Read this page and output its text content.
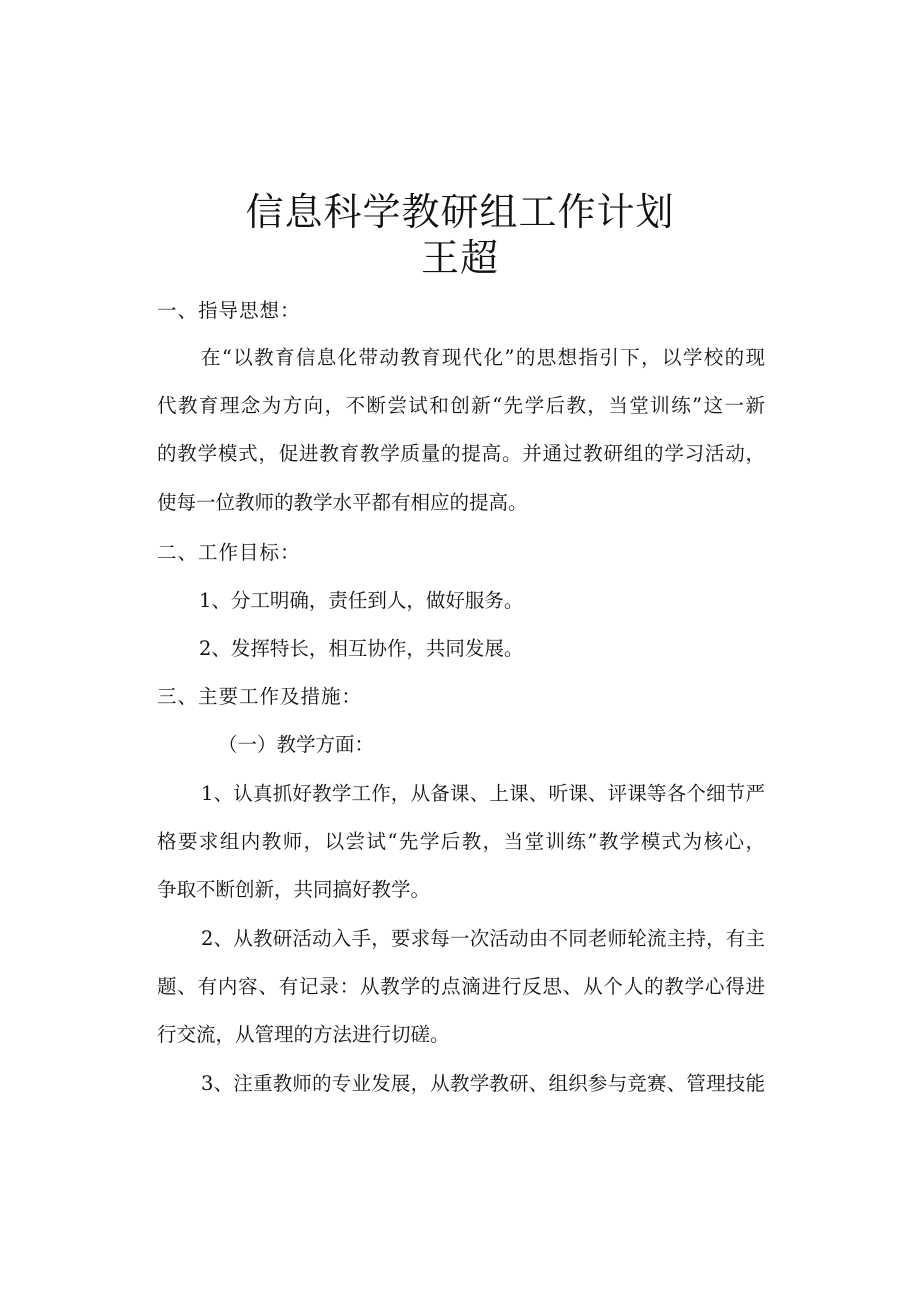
信息科学教研组工作计划
王超
一、指导思想：
在“以教育信息化带动教育现代化”的思想指引下，以学校的现
代教育理念为方向，不断尝试和创新“先学后教，当堂训练”这一新
的教学模式，促进教育教学质量的提高。并通过教研组的学习活动，
使每一位教师的教学水平都有相应的提高。
二、工作目标：
1、分工明确，责任到人，做好服务。
2、发挥特长，相互协作，共同发展。
三、主要工作及措施：
（一）教学方面：
1、认真抓好教学工作，从备课、上课、听课、评课等各个细节严
格要求组内教师，以尝试“先学后教，当堂训练”教学模式为核心，
争取不断创新，共同搞好教学。
2、从教研活动入手，要求每一次活动由不同老师轮流主持，有主
题、有内容、有记录：从教学的点滴进行反思、从个人的教学心得进
行交流，从管理的方法进行切磋。
3、注重教师的专业发展，从教学教研、组织参与竞赛、管理技能
